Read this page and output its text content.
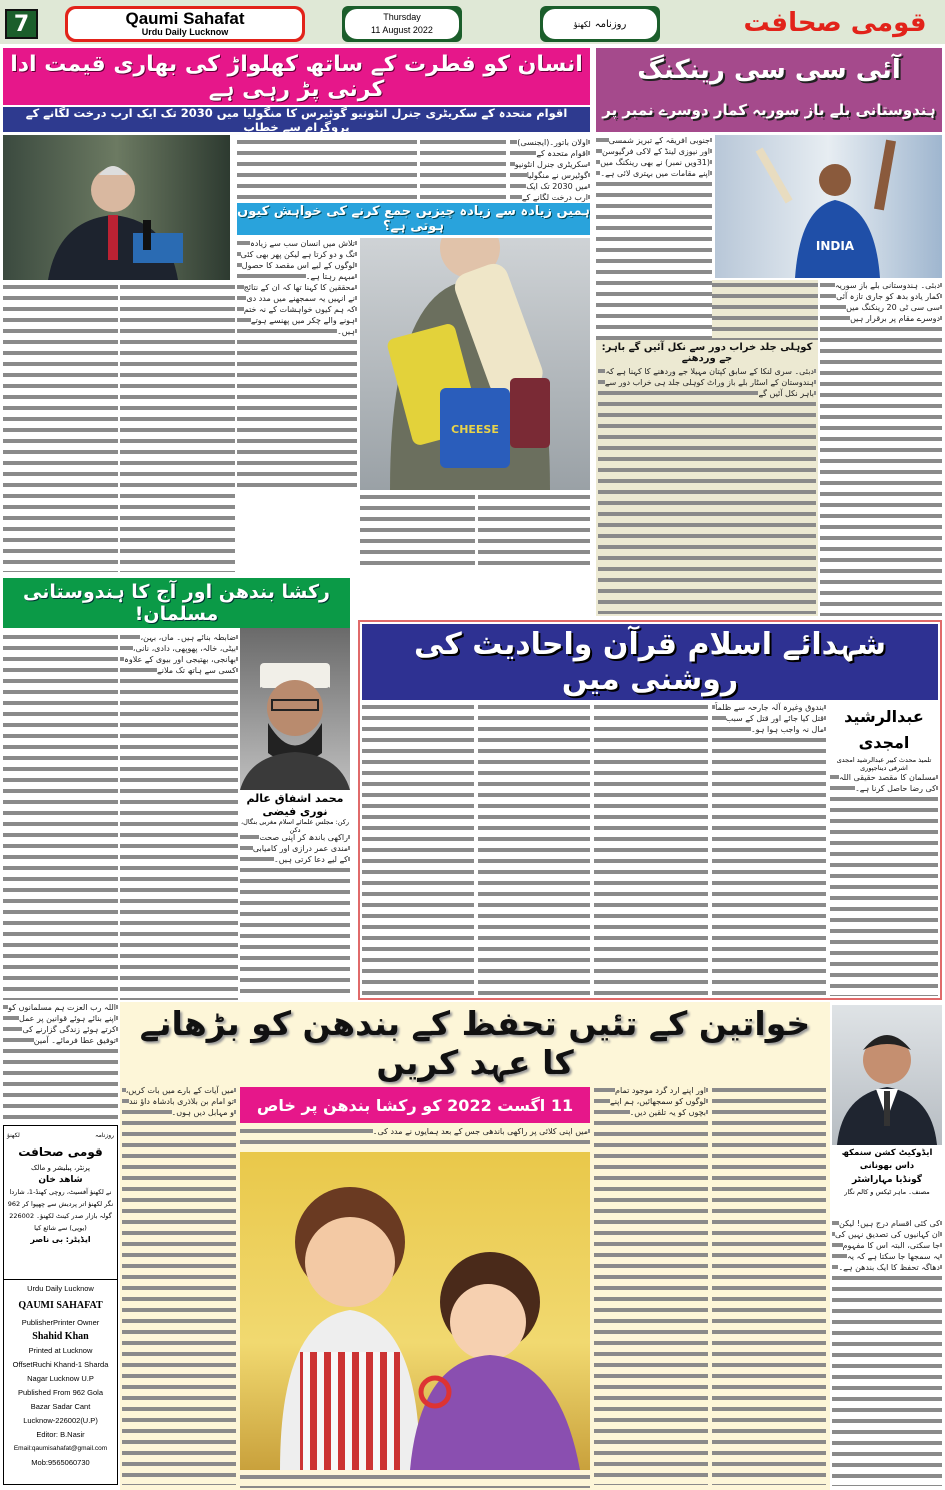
7	Qaumi Sahafat
Urdu Daily Lucknow
Thursday
11 August 2022
روزنامہ
لکھنؤ	قومی صحافت
انسان کو فطرت کے ساتھ کھلواڑ کی بھاری قیمت ادا کرنی پڑ رہی ہے
اقوام متحدہ کے سکریٹری جنرل انٹونیو گوٹیرس کا منگولیا میں 2030 تک ایک ارب درخت لگانے کے پروگرام سے خطاب
اولان باتور۔(ایجنسی) اقوام متحدہ کے سکریٹری جنرل انٹونیو گوٹیرس نے منگولیا میں 2030 تک ایک ارب درخت لگانے کے
ہمیں زیادہ سے زیادہ چیزیں جمع کرنے کی خواہش کیوں ہوتی ہے؟
تلاش میں انسان سب سے زیادہ تگ و دو کرتا ہے لیکن پھر بھی کئی لوگوں کے لیے اس مقصد کا حصول مبہم رہتا ہے۔
محققین کا کہنا تھا کہ ان کے نتائج نے انہیں یہ سمجھنے میں مدد دی کہ ہم کیوں خواہشات کے نہ ختم ہونے والے چکر میں پھنسے ہوتے ہیں۔
CHEESE
آئی سی سی رینکنگ
ہندوستانی بلے باز سوریہ کمار دوسرے نمبر پر
INDIA
دبئی۔ ہندوستانی بلے باز سوریہ کمار یادو بدھ کو جاری تازہ آئی سی سی ٹی 20 رینکنگ میں دوسرے مقام پر برقرار ہیں
جنوبی افریقہ کے تبریز شمسی اور نیوزی لینڈ کے لاکی فرگیوسن (31ویں نمبر) نے بھی رینکنگ میں اپنے مقامات میں بہتری لائی ہے۔
کوہلی جلد خراب دور سے نکل آئیں گے باہر: جے وردھنے
دبئی۔ سری لنکا کے سابق کپتان مہیلا جے وردھنے کا کہنا ہے کہ ہندوستان کے اسٹار بلے باز وراٹ کوہلی جلد ہی خراب دور سے باہر نکل آئیں گے
رکشا بندھن اور آج کا ہندوستانی مسلمان!
ضابطہ بنائے ہیں۔ ماں، بہن، بیٹی، خالہ، پھوپھی، دادی، نانی، بھانجی، بھتیجی اور بیوی کے علاوہ کسی سے ہاتھ تک ملانے
راکھی باندھ کر اپنی صحت مندی عمر درازی اور کامیابی کے لیے دعا کرتی ہیں۔
محمد اشفاق عالم نوری فیضی
رکن: مجلس علمائے اسلام مغربی بنگال، دکن
شہدائے اسلام قرآن واحادیث کی روشنی میں
عبدالرشید امجدی
تلمیذ محدث کبیر عبدالرشید امجدی
اشرفی دیناجپوری
مسلمان کا مقصد حقیقی اللہ کی رضا حاصل کرنا ہے۔
بندوق وغیرہ آلہ جارحہ سے ظلماً قتل کیا جائے اور قتل کے سبب مال نہ واجب ہوا ہو۔
اللہ رب العزت ہم مسلمانوں کو اپنے بنائے ہوئے قوانین پر عمل کرتے ہوئے زندگی گزارنے کی توفیق عطا فرمائے۔ آمین
روزنامہ
لکھنؤ
قومی صحافت
پرنٹر، پبلیشر و مالک
شاھد خان
نے لکھنؤ آفسیٹ، روچی کھنڈ-1، شاردا نگر لکھنؤ اتر پردیش سے چھپوا کر 962 گولہ بازار صدر کینٹ لکھنؤ۔ 226002 (یوپی) سے شائع کیا
ایڈیٹر: بی ناصر
Urdu Daily Lucknow
QAUMI SAHAFAT
PublisherPrinter Owner
Shahid Khan
Printed at Lucknow
OffsetRuchi Khand-1 Sharda
Nagar Lucknow U.P
Published From 962 Gola
Bazar Sadar Cant
Lucknow-226002(U.P)
Editor: B.Nasir
Email:qaumisahafat@gmail.com
Mob:9565060730
خواتین کے تئیں تحفظ کے بندھن کو بڑھانے کا عہد کریں
ایڈوکیٹ کشن سنمکھ داس بھونانی
گونڈیا مہاراشٹر
مصنف۔ ماہر ٹیکس و کالم نگار
کی کئی اقسام درج ہیں! لیکن ان کہانیوں کی تصدیق نہیں کی جا سکتی، البتہ اس کا مفہوم یہ سمجھا جا سکتا ہے کہ یہ دھاگہ تحفظ کا ایک بندھن ہے۔
اور اپنے ارد گرد موجود تمام لوگوں کو سمجھائیں، ہم اپنے بچوں کو یہ تلقین دیں۔
11 اگست 2022 کو رکشا بندھن پر خاص
میں اپنی کلائی پر راکھی باندھی جس کے بعد ہمایوں نے مدد کی۔
میں آیات کے بارے میں بات کریں، تو امام بن بلاذری بادشاہ داؤ نند و مہابل دیں ہوں۔
